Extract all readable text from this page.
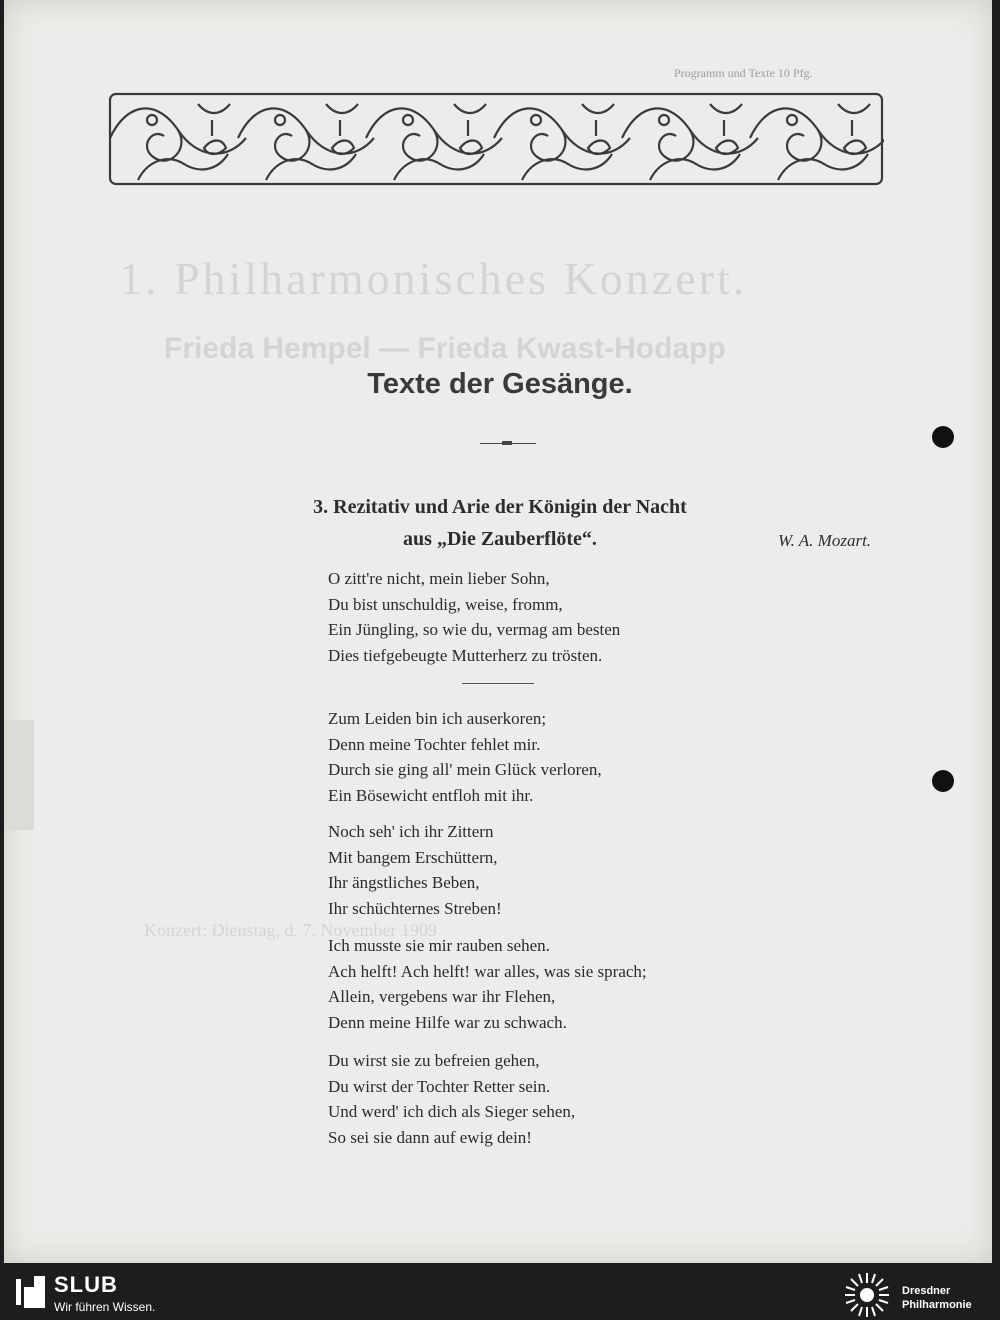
Programm und Texte 10 Pfg.
1. Philharmonisches Konzert.
Frieda Hempel — Frieda Kwast-Hodapp
Konzert: Dienstag, d. 7. November 1909
Texte der Gesänge.
3. Rezitativ und Arie der Königin der Nacht
aus „Die Zauberflöte“.	W. A. Mozart.
O zitt're nicht, mein lieber Sohn,
Du bist unschuldig, weise, fromm,
Ein Jüngling, so wie du, vermag am besten
Dies tiefgebeugte Mutterherz zu trösten.
Zum Leiden bin ich auserkoren;
Denn meine Tochter fehlet mir.
Durch sie ging all' mein Glück verloren,
Ein Bösewicht entfloh mit ihr.
Noch seh' ich ihr Zittern
Mit bangem Erschüttern,
Ihr ängstliches Beben,
Ihr schüchternes Streben!
Ich musste sie mir rauben sehen.
Ach helft! Ach helft! war alles, was sie sprach;
Allein, vergebens war ihr Flehen,
Denn meine Hilfe war zu schwach.
Du wirst sie zu befreien gehen,
Du wirst der Tochter Retter sein.
Und werd' ich dich als Sieger sehen,
So sei sie dann auf ewig dein!
SLUB
Wir führen Wissen.
Dresdner
Philharmonie
